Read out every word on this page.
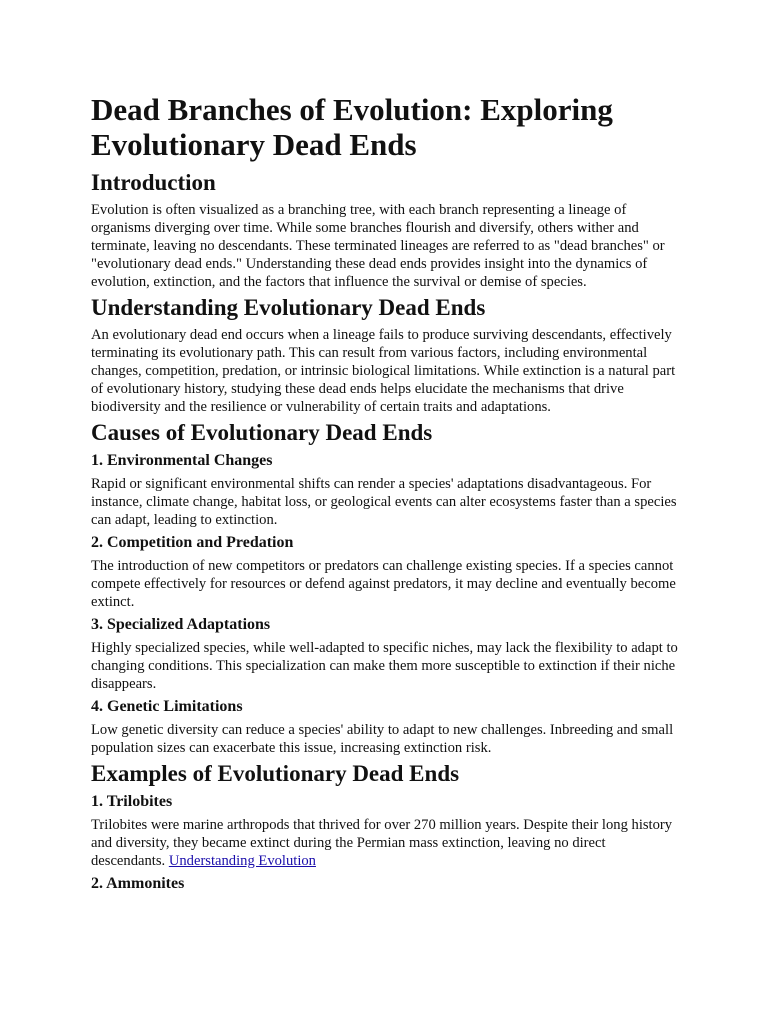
Dead Branches of Evolution: Exploring Evolutionary Dead Ends
Introduction

Evolution is often visualized as a branching tree, with each branch representing a lineage of organisms diverging over time. While some branches flourish and diversify, others wither and terminate, leaving no descendants. These terminated lineages are referred to as "dead branches" or "evolutionary dead ends." Understanding these dead ends provides insight into the dynamics of evolution, extinction, and the factors that influence the survival or demise of species.

Understanding Evolutionary Dead Ends

An evolutionary dead end occurs when a lineage fails to produce surviving descendants, effectively terminating its evolutionary path. This can result from various factors, including environmental changes, competition, predation, or intrinsic biological limitations. While extinction is a natural part of evolutionary history, studying these dead ends helps elucidate the mechanisms that drive biodiversity and the resilience or vulnerability of certain traits and adaptations.

Causes of Evolutionary Dead Ends
1. Environmental Changes

Rapid or significant environmental shifts can render a species' adaptations disadvantageous. For instance, climate change, habitat loss, or geological events can alter ecosystems faster than a species can adapt, leading to extinction.

2. Competition and Predation

The introduction of new competitors or predators can challenge existing species. If a species cannot compete effectively for resources or defend against predators, it may decline and eventually become extinct.

3. Specialized Adaptations

Highly specialized species, while well-adapted to specific niches, may lack the flexibility to adapt to changing conditions. This specialization can make them more susceptible to extinction if their niche disappears.

4. Genetic Limitations

Low genetic diversity can reduce a species' ability to adapt to new challenges. Inbreeding and small population sizes can exacerbate this issue, increasing extinction risk.

Examples of Evolutionary Dead Ends
1. Trilobites

Trilobites were marine arthropods that thrived for over 270 million years. Despite their long history and diversity, they became extinct during the Permian mass extinction, leaving no direct descendants. Understanding Evolution

2. Ammonites
